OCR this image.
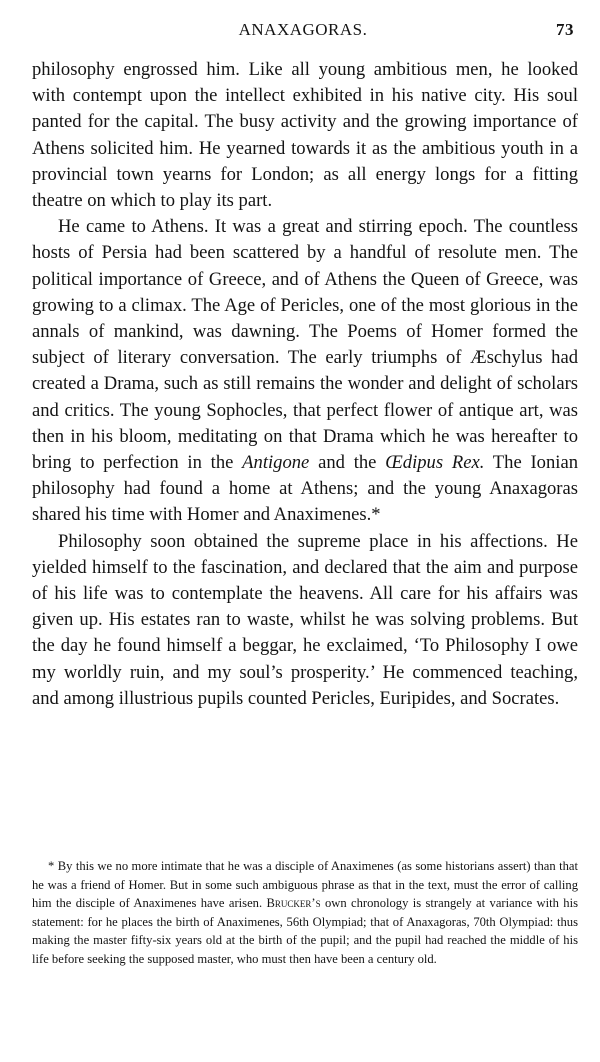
ANAXAGORAS.	73

philosophy engrossed him. Like all young ambitious men, he looked with contempt upon the intellect exhibited in his native city. His soul panted for the capital. The busy activity and the growing importance of Athens solicited him. He yearned towards it as the ambitious youth in a provincial town yearns for London; as all energy longs for a fitting theatre on which to play its part.

He came to Athens. It was a great and stirring epoch. The countless hosts of Persia had been scattered by a handful of resolute men. The political importance of Greece, and of Athens the Queen of Greece, was growing to a climax. The Age of Pericles, one of the most glorious in the annals of mankind, was dawning. The Poems of Homer formed the subject of literary conversation. The early triumphs of Æschylus had created a Drama, such as still remains the wonder and delight of scholars and critics. The young Sophocles, that perfect flower of antique art, was then in his bloom, meditating on that Drama which he was hereafter to bring to perfection in the Antigone and the Œdipus Rex. The Ionian philosophy had found a home at Athens; and the young Anaxagoras shared his time with Homer and Anaximenes.*

Philosophy soon obtained the supreme place in his affections. He yielded himself to the fascination, and declared that the aim and purpose of his life was to contemplate the heavens. All care for his affairs was given up. His estates ran to waste, whilst he was solving problems. But the day he found himself a beggar, he exclaimed, ‘To Philosophy I owe my worldly ruin, and my soul’s prosperity.’ He commenced teaching, and among illustrious pupils counted Pericles, Euripides, and Socrates.

* By this we no more intimate that he was a disciple of Anaximenes (as some historians assert) than that he was a friend of Homer. But in some such ambiguous phrase as that in the text, must the error of calling him the disciple of Anaximenes have arisen. Brucker’s own chronology is strangely at variance with his statement: for he places the birth of Anaximenes, 56th Olympiad; that of Anaxagoras, 70th Olympiad: thus making the master fifty-six years old at the birth of the pupil; and the pupil had reached the middle of his life before seeking the supposed master, who must then have been a century old.
